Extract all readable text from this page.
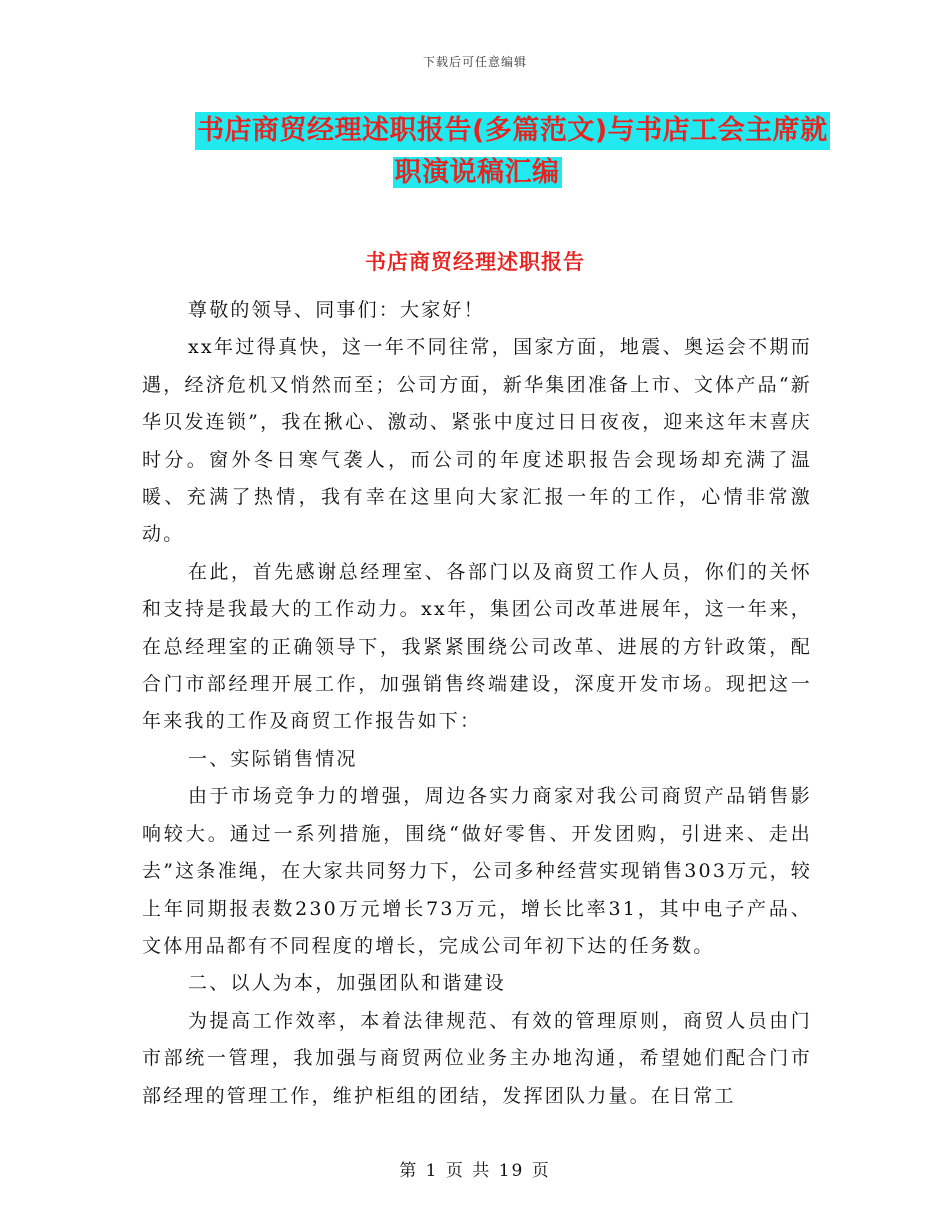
下载后可任意编辑
书店商贸经理述职报告(多篇范文)与书店工会主席就
职演说稿汇编
书店商贸经理述职报告

尊敬的领导、同事们：大家好！

xx年过得真快，这一年不同往常，国家方面，地震、奥运会不期而遇，经济危机又悄然而至；公司方面，新华集团准备上市、文体产品“新华贝发连锁”，我在揪心、激动、紧张中度过日日夜夜，迎来这年末喜庆时分。窗外冬日寒气袭人，而公司的年度述职报告会现场却充满了温暖、充满了热情，我有幸在这里向大家汇报一年的工作，心情非常激动。

在此，首先感谢总经理室、各部门以及商贸工作人员，你们的关怀和支持是我最大的工作动力。xx年，集团公司改革进展年，这一年来，在总经理室的正确领导下，我紧紧围绕公司改革、进展的方针政策，配合门市部经理开展工作，加强销售终端建设，深度开发市场。现把这一年来我的工作及商贸工作报告如下：

一、实际销售情况

由于市场竞争力的增强，周边各实力商家对我公司商贸产品销售影响较大。通过一系列措施，围绕“做好零售、开发团购，引进来、走出去”这条准绳，在大家共同努力下，公司多种经营实现销售303万元，较上年同期报表数230万元增长73万元，增长比率31，其中电子产品、文体用品都有不同程度的增长，完成公司年初下达的任务数。

二、以人为本，加强团队和谐建设

为提高工作效率，本着法律规范、有效的管理原则，商贸人员由门市部统一管理，我加强与商贸两位业务主办地沟通，希望她们配合门市部经理的管理工作，维护柜组的团结，发挥团队力量。在日常工

第 1 页 共 19 页
